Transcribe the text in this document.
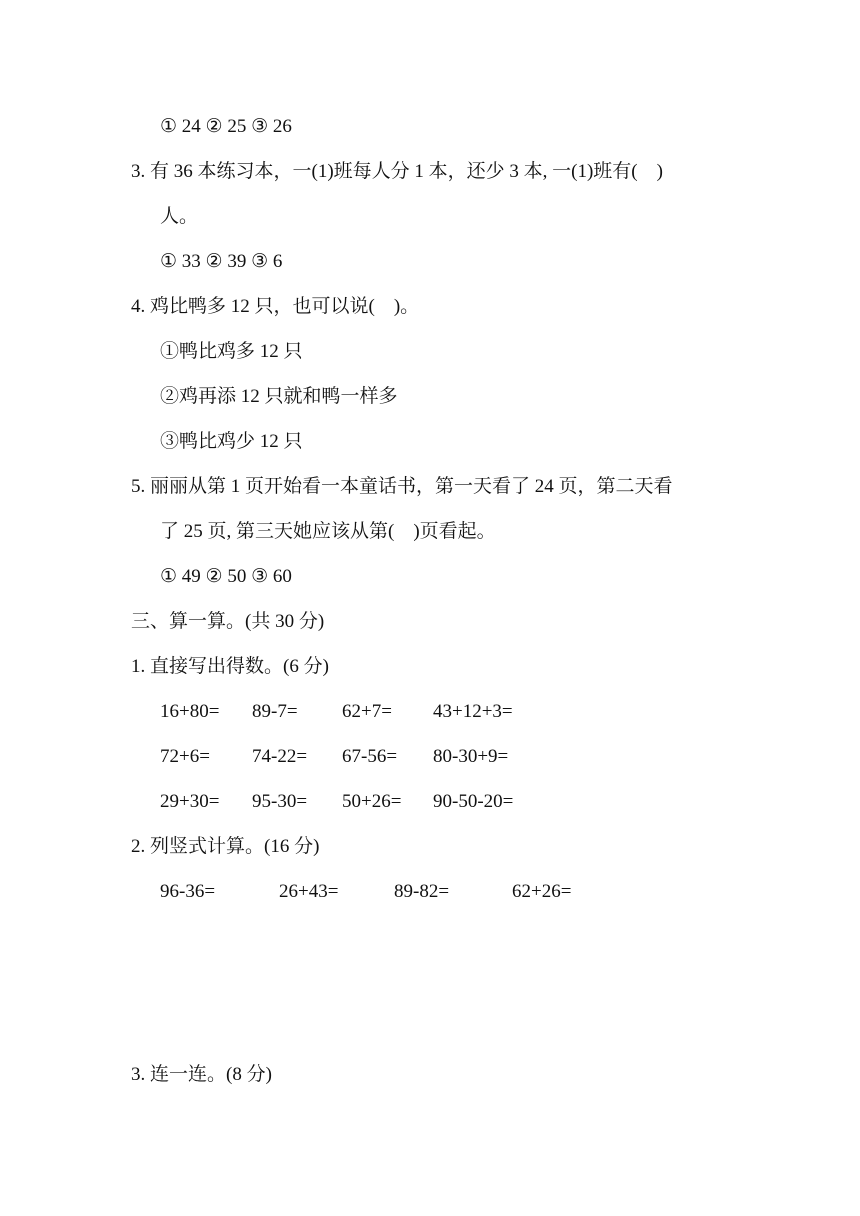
① 24 ② 25 ③ 26
3. 有 36 本练习本，一(1)班每人分 1 本，还少 3 本, 一(1)班有(　)
人。
① 33 ② 39 ③ 6
4. 鸡比鸭多 12 只，也可以说(　)。
①鸭比鸡多 12 只
②鸡再添 12 只就和鸭一样多
③鸭比鸡少 12 只
5. 丽丽从第 1 页开始看一本童话书，第一天看了 24 页，第二天看
了 25 页, 第三天她应该从第(　)页看起。
① 49 ② 50 ③ 60
三、算一算。(共 30 分)
1. 直接写出得数。(6 分)
16+80= 89-7= 62+7= 43+12+3=
72+6= 74-22= 67-56= 80-30+9=
29+30= 95-30= 50+26= 90-50-20=
2. 列竖式计算。(16 分)
96-36=	26+43=	89-82=	62+26=
3. 连一连。(8 分)
